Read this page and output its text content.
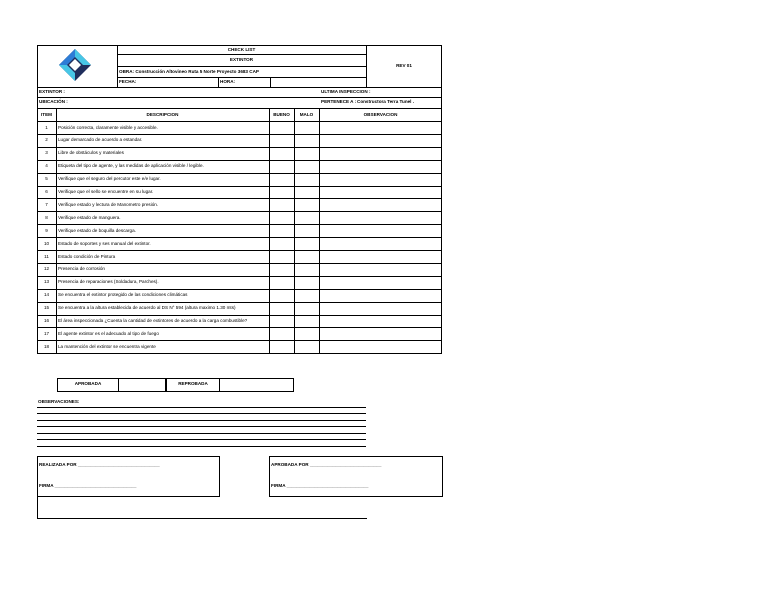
CHECK LIST
EXTINTOR
OBRA: Construcción Altovineo Ruta 5 Norte Proyecto 3683 CAP
FECHA:	HORA:
REV 01
EXTINTOR :	ULTIMA INSPECCION :
UBICACIÓN :	PERTENECE A : Constructora Terra Tunel .
ITEM	DESCRIPCION	BUENO	MALO	OBSERVACION
1	Posición correcta, claramente visible y accesible.
2	Lugar demarcado de acuerdo a estandar.
3	Libre de obstáculos y materiales
4	Etiqueta del tipo de agente, y las medidas de aplicación visible / legible.
5	Verifique que el seguro del percutor este e/e lugar.
6	Verifique que el sello se encuentre en su lugar.
7	Verifique estado y lectura de Manometro presión.
8	Verifique estado de manguera.
9	Verifique estado de boquilla descarga.
10	Estado de soportes y ses manual del extintor.
11	Estado condición de Pintura
12	Presencia de corrosión
13	Presencia de reparaciones (Soldadura, Parches).
14	Se encuentra el extintor protegido de las condiciones climáticas
15	Se encuentra a la altura establecida de acuerdo al DS N° 594 (altura maximo 1.30 mts)
16	El área inspeccionada ¿Cuenta la cantidad de extintores de acuerdo a la carga combustible?
17	El agente extintor es el adecuado al tipo de fuego
18	La mantención del extintor se encuentra vigente
APROBADA	REPROBADA
OBSERVACIONES:
REALIZADA POR ________________________________
FIRMA ________________________________
APROBADA POR ____________________________
FIRMA ________________________________
